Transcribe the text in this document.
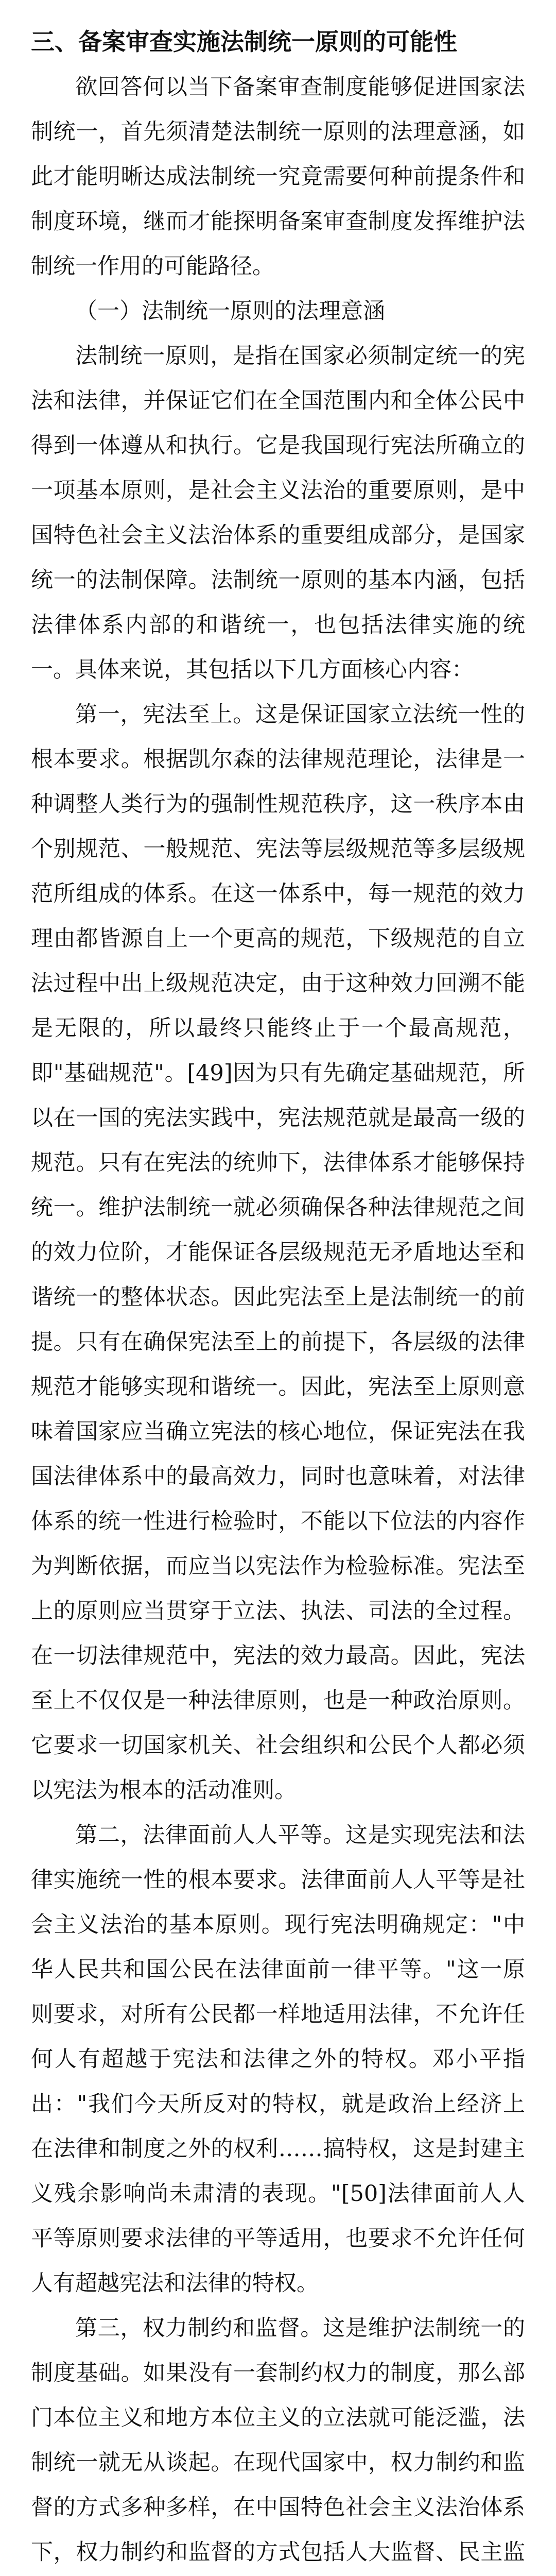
三、备案审查实施法制统一原则的可能性

欲回答何以当下备案审查制度能够促进国家法制统一，首先须清楚法制统一原则的法理意涵，如此才能明晰达成法制统一究竟需要何种前提条件和制度环境，继而才能探明备案审查制度发挥维护法制统一作用的可能路径。

（一）法制统一原则的法理意涵

法制统一原则，是指在国家必须制定统一的宪法和法律，并保证它们在全国范围内和全体公民中得到一体遵从和执行。它是我国现行宪法所确立的一项基本原则，是社会主义法治的重要原则，是中国特色社会主义法治体系的重要组成部分，是国家统一的法制保障。法制统一原则的基本内涵，包括法律体系内部的和谐统一，也包括法律实施的统一。具体来说，其包括以下几方面核心内容：

第一，宪法至上。这是保证国家立法统一性的根本要求。根据凯尔森的法律规范理论，法律是一种调整人类行为的强制性规范秩序，这一秩序本由个别规范、一般规范、宪法等层级规范等多层级规范所组成的体系。在这一体系中，每一规范的效力理由都皆源自上一个更高的规范，下级规范的自立法过程中出上级规范决定，由于这种效力回溯不能是无限的，所以最终只能终止于一个最高规范，即"基础规范"。[49]因为只有先确定基础规范，所以在一国的宪法实践中，宪法规范就是最高一级的规范。只有在宪法的统帅下，法律体系才能够保持统一。维护法制统一就必须确保各种法律规范之间的效力位阶，才能保证各层级规范无矛盾地达至和谐统一的整体状态。因此宪法至上是法制统一的前提。只有在确保宪法至上的前提下，各层级的法律规范才能够实现和谐统一。因此，宪法至上原则意味着国家应当确立宪法的核心地位，保证宪法在我国法律体系中的最高效力，同时也意味着，对法律体系的统一性进行检验时，不能以下位法的内容作为判断依据，而应当以宪法作为检验标准。宪法至上的原则应当贯穿于立法、执法、司法的全过程。在一切法律规范中，宪法的效力最高。因此，宪法至上不仅仅是一种法律原则，也是一种政治原则。它要求一切国家机关、社会组织和公民个人都必须以宪法为根本的活动准则。

第二，法律面前人人平等。这是实现宪法和法律实施统一性的根本要求。法律面前人人平等是社会主义法治的基本原则。现行宪法明确规定："中华人民共和国公民在法律面前一律平等。"这一原则要求，对所有公民都一样地适用法律，不允许任何人有超越于宪法和法律之外的特权。邓小平指出："我们今天所反对的特权，就是政治上经济上在法律和制度之外的权利……搞特权，这是封建主义残余影响尚未肃清的表现。"[50]法律面前人人平等原则要求法律的平等适用，也要求不允许任何人有超越宪法和法律的特权。

第三，权力制约和监督。这是维护法制统一的制度基础。如果没有一套制约权力的制度，那么部门本位主义和地方本位主义的立法就可能泛滥，法制统一就无从谈起。在现代国家中，权力制约和监督的方式多种多样，在中国特色社会主义法治体系下，权力制约和监督的方式包括人大监督、民主监
